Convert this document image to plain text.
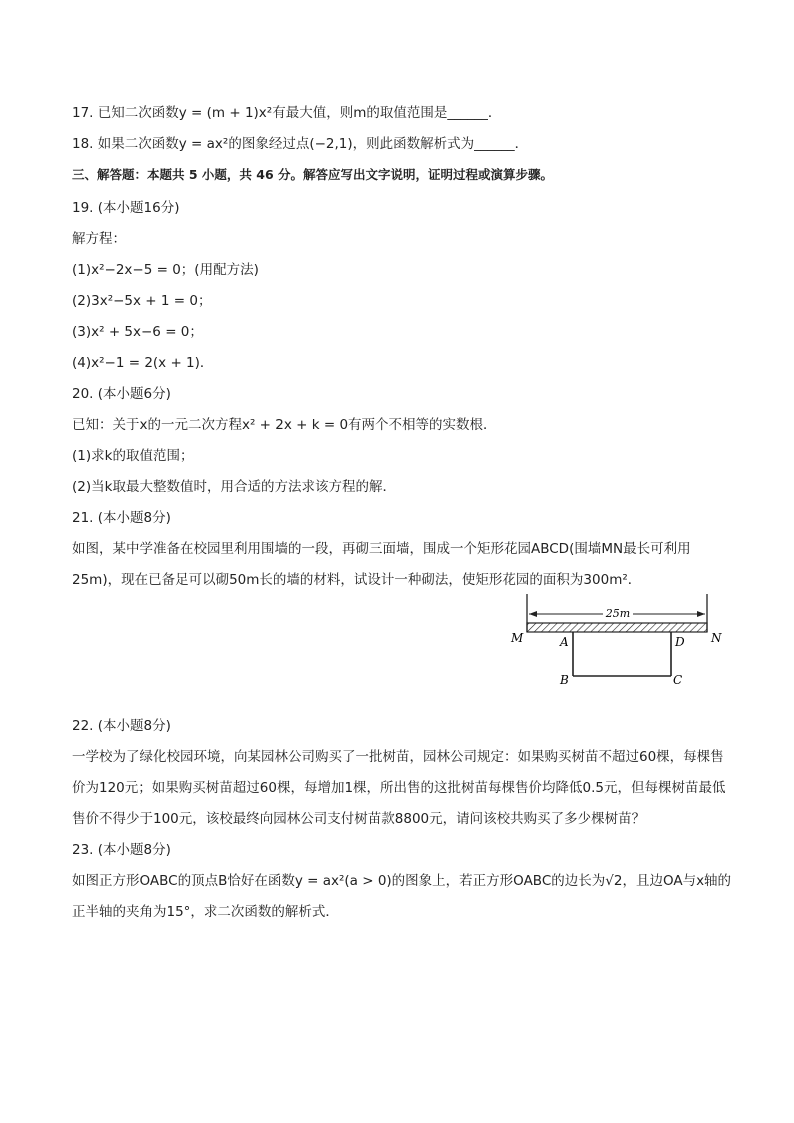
17. 已知二次函数y = (m + 1)x²有最大值，则m的取值范围是______．
18. 如果二次函数y = ax²的图象经过点(−2,1)，则此函数解析式为______．
三、解答题：本题共 5 小题，共 46 分。解答应写出文字说明，证明过程或演算步骤。
19. (本小题16分)
解方程：
(1)x²−2x−5 = 0；(用配方法)
(2)3x²−5x + 1 = 0；
(3)x² + 5x−6 = 0；
(4)x²−1 = 2(x + 1)．
20. (本小题6分)
已知：关于x的一元二次方程x² + 2x + k = 0有两个不相等的实数根．
(1)求k的取值范围；
(2)当k取最大整数值时，用合适的方法求该方程的解．
21. (本小题8分)
如图，某中学准备在校园里利用围墙的一段，再砌三面墙，围成一个矩形花园ABCD(围墙MN最长可利用25m)，现在已备足可以砌50m长的墙的材料，试设计一种砌法，使矩形花园的面积为300m²．
25m
M	N
A	D
B	C
22. (本小题8分)
一学校为了绿化校园环境，向某园林公司购买了一批树苗，园林公司规定：如果购买树苗不超过60棵，每棵售价为120元；如果购买树苗超过60棵，每增加1棵，所出售的这批树苗每棵售价均降低0.5元，但每棵树苗最低售价不得少于100元，该校最终向园林公司支付树苗款8800元，请问该校共购买了多少棵树苗？
23. (本小题8分)
如图正方形OABC的顶点B恰好在函数y = ax²(a > 0)的图象上，若正方形OABC的边长为√2，且边OA与x轴的正半轴的夹角为15°，求二次函数的解析式．
